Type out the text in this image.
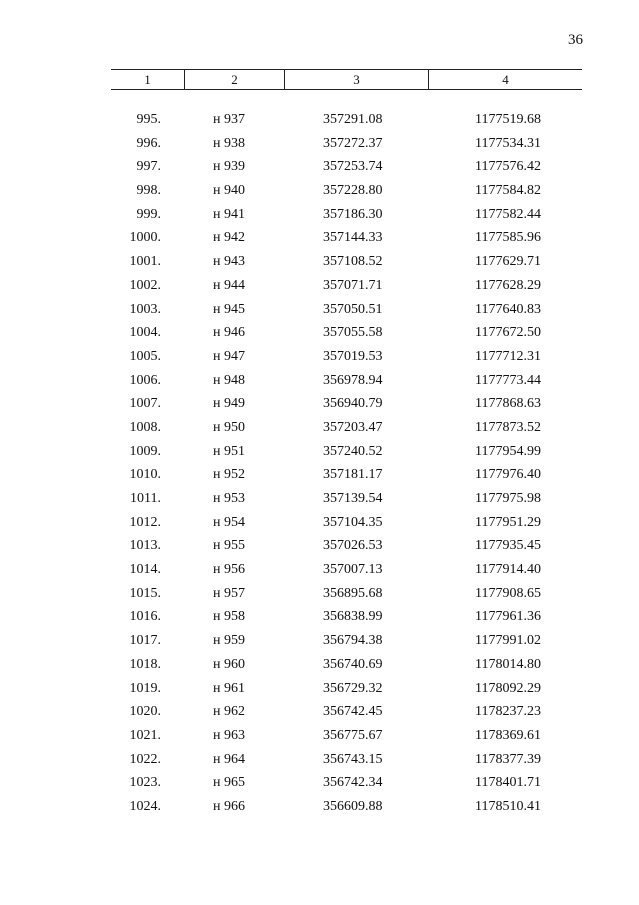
36
1	2	3	4
995.	н 937	357291.08	1177519.68
996.	н 938	357272.37	1177534.31
997.	н 939	357253.74	1177576.42
998.	н 940	357228.80	1177584.82
999.	н 941	357186.30	1177582.44
1000.	н 942	357144.33	1177585.96
1001.	н 943	357108.52	1177629.71
1002.	н 944	357071.71	1177628.29
1003.	н 945	357050.51	1177640.83
1004.	н 946	357055.58	1177672.50
1005.	н 947	357019.53	1177712.31
1006.	н 948	356978.94	1177773.44
1007.	н 949	356940.79	1177868.63
1008.	н 950	357203.47	1177873.52
1009.	н 951	357240.52	1177954.99
1010.	н 952	357181.17	1177976.40
1011.	н 953	357139.54	1177975.98
1012.	н 954	357104.35	1177951.29
1013.	н 955	357026.53	1177935.45
1014.	н 956	357007.13	1177914.40
1015.	н 957	356895.68	1177908.65
1016.	н 958	356838.99	1177961.36
1017.	н 959	356794.38	1177991.02
1018.	н 960	356740.69	1178014.80
1019.	н 961	356729.32	1178092.29
1020.	н 962	356742.45	1178237.23
1021.	н 963	356775.67	1178369.61
1022.	н 964	356743.15	1178377.39
1023.	н 965	356742.34	1178401.71
1024.	н 966	356609.88	1178510.41
